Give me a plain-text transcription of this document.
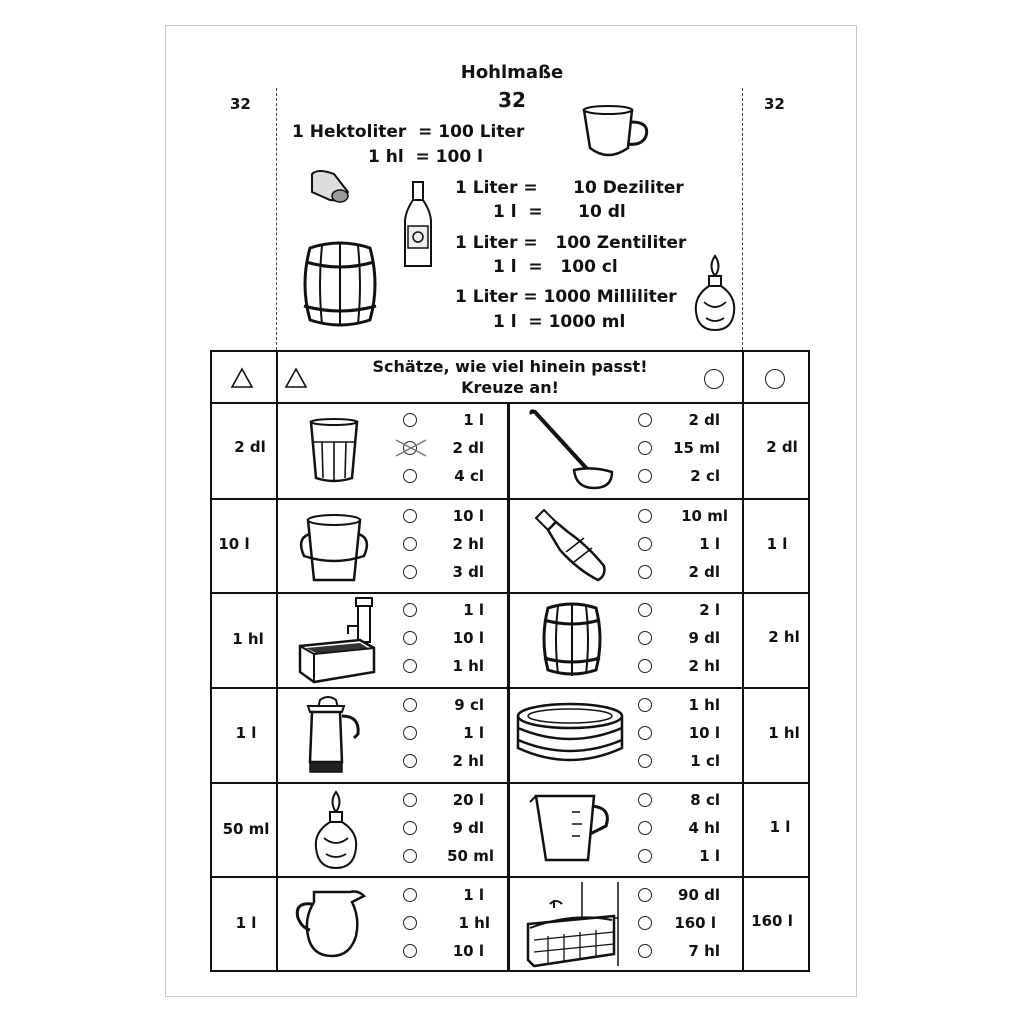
32	32
Hohlmaße
32
1 Hektoliter  = 100 Liter
1 hl  = 100 l
1 Liter =      10 Deziliter
1 l  =      10 dl
1 Liter =   100 Zentiliter
1 l  =   100 cl
1 Liter = 1000 Milliliter
1 l  = 1000 ml
Schätze, wie viel hinein passt!
Kreuze an!
2 dl
1 l
2 dl
4 cl
2 dl
15 ml
2 cl
2 dl
10 l
10 l
2 hl
3 dl
10 ml
1 l
2 dl
1 l
1 hl
1 l
10 l
1 hl
2 l
9 dl
2 hl
2 hl
1 l
9 cl
1 l
2 hl
1 hl
10 l
1 cl
1 hl
50 ml
20 l
9 dl
50 ml
8 cl
4 hl
1 l
1 l
1 l
1 l
1 hl
10 l
90 dl
160 l
7 hl
160 l
